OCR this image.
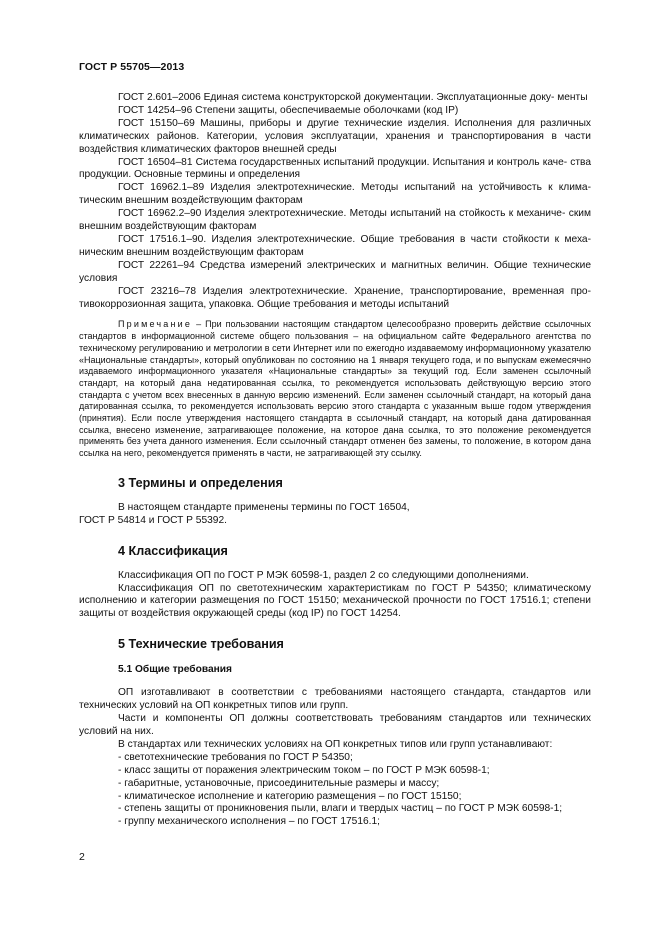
ГОСТ Р 55705—2013

ГОСТ 2.601–2006 Единая система конструкторской документации. Эксплуатационные доку- менты

ГОСТ 14254–96 Степени защиты, обеспечиваемые оболочками (код IP)

ГОСТ 15150–69 Машины, приборы и другие технические изделия. Исполнения для различных климатических районов. Категории, условия эксплуатации, хранения и транспортирования в части воздействия климатических факторов внешней среды

ГОСТ 16504–81 Система государственных испытаний продукции. Испытания и контроль каче- ства продукции. Основные термины и определения

ГОСТ 16962.1–89 Изделия электротехнические. Методы испытаний на устойчивость к клима- тическим внешним воздействующим факторам

ГОСТ 16962.2–90 Изделия электротехнические. Методы испытаний на стойкость к механиче- ским внешним воздействующим факторам

ГОСТ 17516.1–90. Изделия электротехнические. Общие требования в части стойкости к меха- ническим внешним воздействующим факторам

ГОСТ 22261–94 Средства измерений электрических и магнитных величин. Общие технические условия

ГОСТ 23216–78 Изделия электротехнические. Хранение, транспортирование, временная про- тивокоррозионная защита, упаковка. Общие требования и методы испытаний

Примечание – При пользовании настоящим стандартом целесообразно проверить действие ссылочных стандартов в информационной системе общего пользования – на официальном сайте Федерального агентства по техническому регулированию и метрологии в сети Интернет или по ежегодно издаваемому информационному указателю «Национальные стандарты», который опубликован по состоянию на 1 января текущего года, и по выпускам ежемесячно издаваемого информационного указателя «Национальные стандарты» за текущий год. Если заменен ссылочный стандарт, на который дана недатированная ссылка, то рекомендуется использовать действующую версию этого стандарта с учетом всех внесенных в данную версию изменений. Если заменен ссылочный стандарт, на который дана датированная ссылка, то рекомендуется использовать версию этого стандарта с указанным выше годом утверждения (принятия). Если после утверждения настоящего стандарта в ссылочный стандарт, на который дана датированная ссылка, внесено изменение, затрагивающее положение, на которое дана ссылка, то это положение рекомендуется применять без учета данного изменения. Если ссылочный стандарт отменен без замены, то положение, в котором дана ссылка на него, рекомендуется применять в части, не затрагивающей эту ссылку.

3 Термины и определения

В настоящем стандарте применены термины по ГОСТ 16504,

ГОСТ Р 54814 и ГОСТ Р 55392.

4 Классификация

Классификация ОП по ГОСТ Р МЭК 60598-1, раздел 2 со следующими дополнениями.

Классификация ОП по светотехническим характеристикам по ГОСТ Р 54350; климатическому исполнению и категории размещения по ГОСТ 15150; механической прочности по ГОСТ 17516.1; степени защиты от воздействия окружающей среды (код IP) по ГОСТ 14254.

5 Технические требования
5.1 Общие требования

ОП изготавливают в соответствии с требованиями настоящего стандарта, стандартов или технических условий на ОП конкретных типов или групп.

Части и компоненты ОП должны соответствовать требованиям стандартов или технических условий на них.

В стандартах или технических условиях на ОП конкретных типов или групп устанавливают:

- светотехнические требования по ГОСТ Р 54350;

- класс защиты от поражения электрическим током – по ГОСТ Р МЭК 60598-1;

- габаритные, установочные, присоединительные размеры и массу;

- климатическое исполнение и категорию размещения – по ГОСТ 15150;

- степень защиты от проникновения пыли, влаги и твердых частиц – по ГОСТ Р МЭК 60598-1;

- группу механического исполнения – по ГОСТ 17516.1;

2
